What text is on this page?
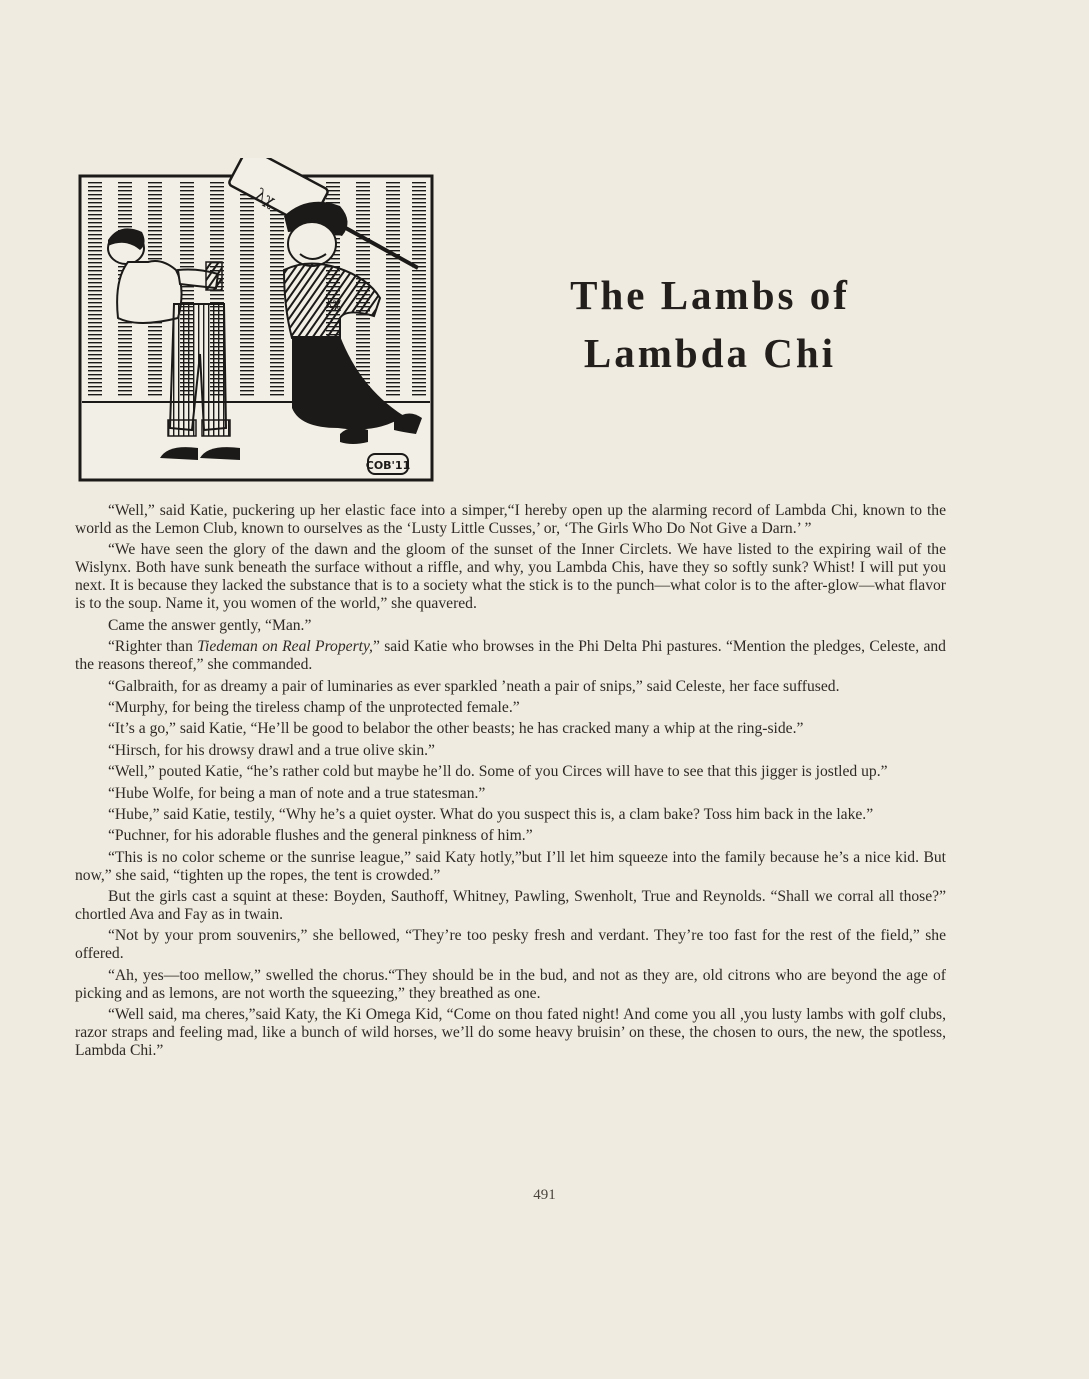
λχ
λχ
COB'11
The Lambs of
Lambda Chi

“Well,” said Katie, puckering up her elastic face into a simper,“I hereby open up the alarming record of Lambda Chi, known to the world as the Lemon Club, known to ourselves as the ‘Lusty Little Cusses,’ or, ‘The Girls Who Do Not Give a Darn.’ ”

“We have seen the glory of the dawn and the gloom of the sunset of the Inner Circlets. We have listed to the expiring wail of the Wislynx. Both have sunk beneath the surface without a riffle, and why, you Lambda Chis, have they so softly sunk? Whist! I will put you next. It is because they lacked the substance that is to a society what the stick is to the punch—what color is to the after-glow—what flavor is to the soup. Name it, you women of the world,” she quavered.

Came the answer gently, “Man.”

“Righter than Tiedeman on Real Property,” said Katie who browses in the Phi Delta Phi pastures. “Mention the pledges, Celeste, and the reasons thereof,” she commanded.

“Galbraith, for as dreamy a pair of luminaries as ever sparkled ’neath a pair of snips,” said Celeste, her face suffused.

“Murphy, for being the tireless champ of the unprotected female.”

“It’s a go,” said Katie, “He’ll be good to belabor the other beasts; he has cracked many a whip at the ring-side.”

“Hirsch, for his drowsy drawl and a true olive skin.”

“Well,” pouted Katie, “he’s rather cold but maybe he’ll do. Some of you Circes will have to see that this jigger is jostled up.”

“Hube Wolfe, for being a man of note and a true statesman.”

“Hube,” said Katie, testily, “Why he’s a quiet oyster. What do you suspect this is, a clam bake? Toss him back in the lake.”

“Puchner, for his adorable flushes and the general pinkness of him.”

“This is no color scheme or the sunrise league,” said Katy hotly,”but I’ll let him squeeze into the family because he’s a nice kid. But now,” she said, “tighten up the ropes, the tent is crowded.”

But the girls cast a squint at these: Boyden, Sauthoff, Whitney, Pawling, Swenholt, True and Reynolds. “Shall we corral all those?” chortled Ava and Fay as in twain.

“Not by your prom souvenirs,” she bellowed, “They’re too pesky fresh and verdant. They’re too fast for the rest of the field,” she offered.

“Ah, yes—too mellow,” swelled the chorus.“They should be in the bud, and not as they are, old citrons who are beyond the age of picking and as lemons, are not worth the squeezing,” they breathed as one.

“Well said, ma cheres,”said Katy, the Ki Omega Kid, “Come on thou fated night! And come you all ,you lusty lambs with golf clubs, razor straps and feeling mad, like a bunch of wild horses, we’ll do some heavy bruisin’ on these, the chosen to ours, the new, the spotless, Lambda Chi.”

491
